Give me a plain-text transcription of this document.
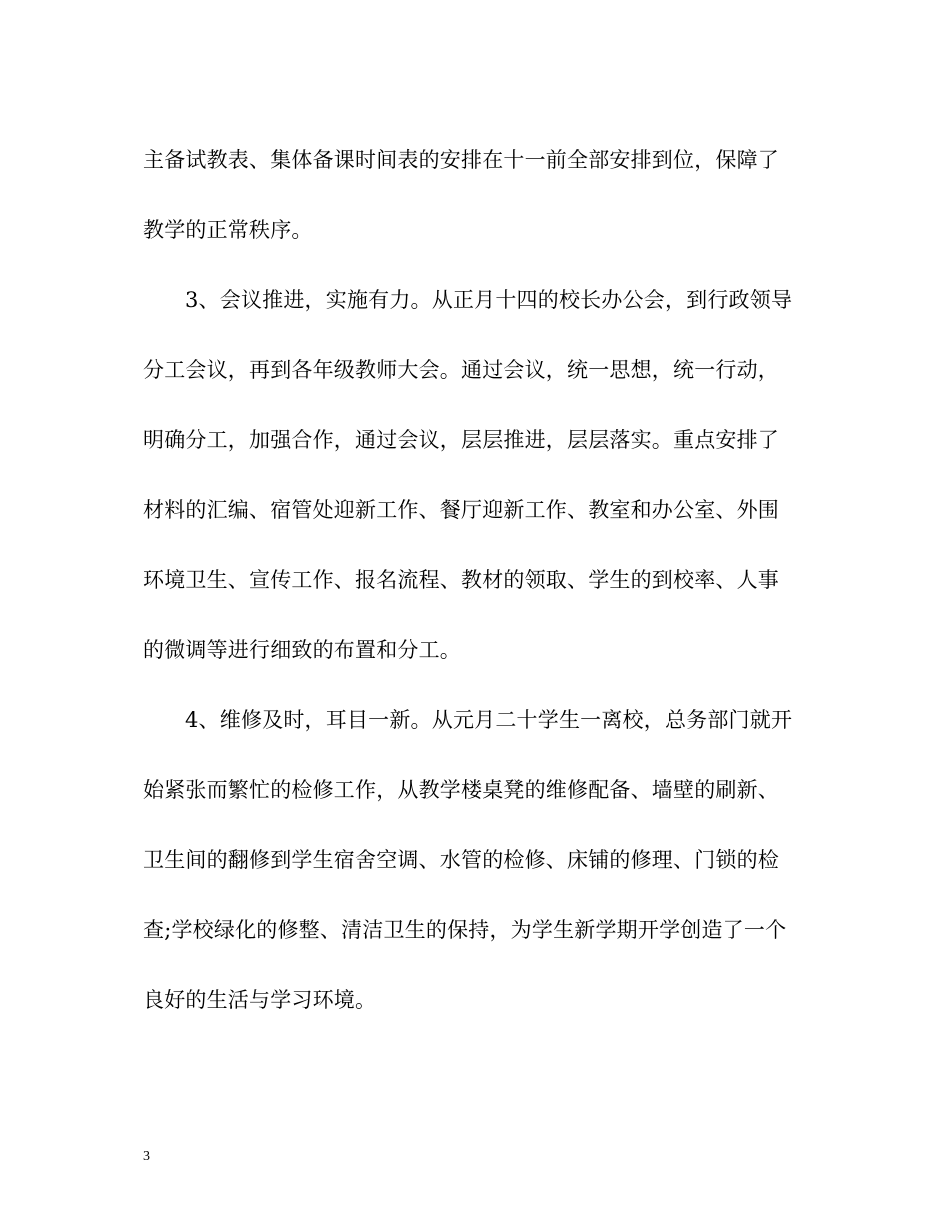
主备试教表、集体备课时间表的安排在十一前全部安排到位，保障了
教学的正常秩序。
3、会议推进，实施有力。从正月十四的校长办公会，到行政领导
分工会议，再到各年级教师大会。通过会议，统一思想，统一行动，
明确分工，加强合作，通过会议，层层推进，层层落实。重点安排了
材料的汇编、宿管处迎新工作、餐厅迎新工作、教室和办公室、外围
环境卫生、宣传工作、报名流程、教材的领取、学生的到校率、人事
的微调等进行细致的布置和分工。
4、维修及时，耳目一新。从元月二十学生一离校，总务部门就开
始紧张而繁忙的检修工作，从教学楼桌凳的维修配备、墙壁的刷新、
卫生间的翻修到学生宿舍空调、水管的检修、床铺的修理、门锁的检
查;学校绿化的修整、清洁卫生的保持，为学生新学期开学创造了一个
良好的生活与学习环境。
3
